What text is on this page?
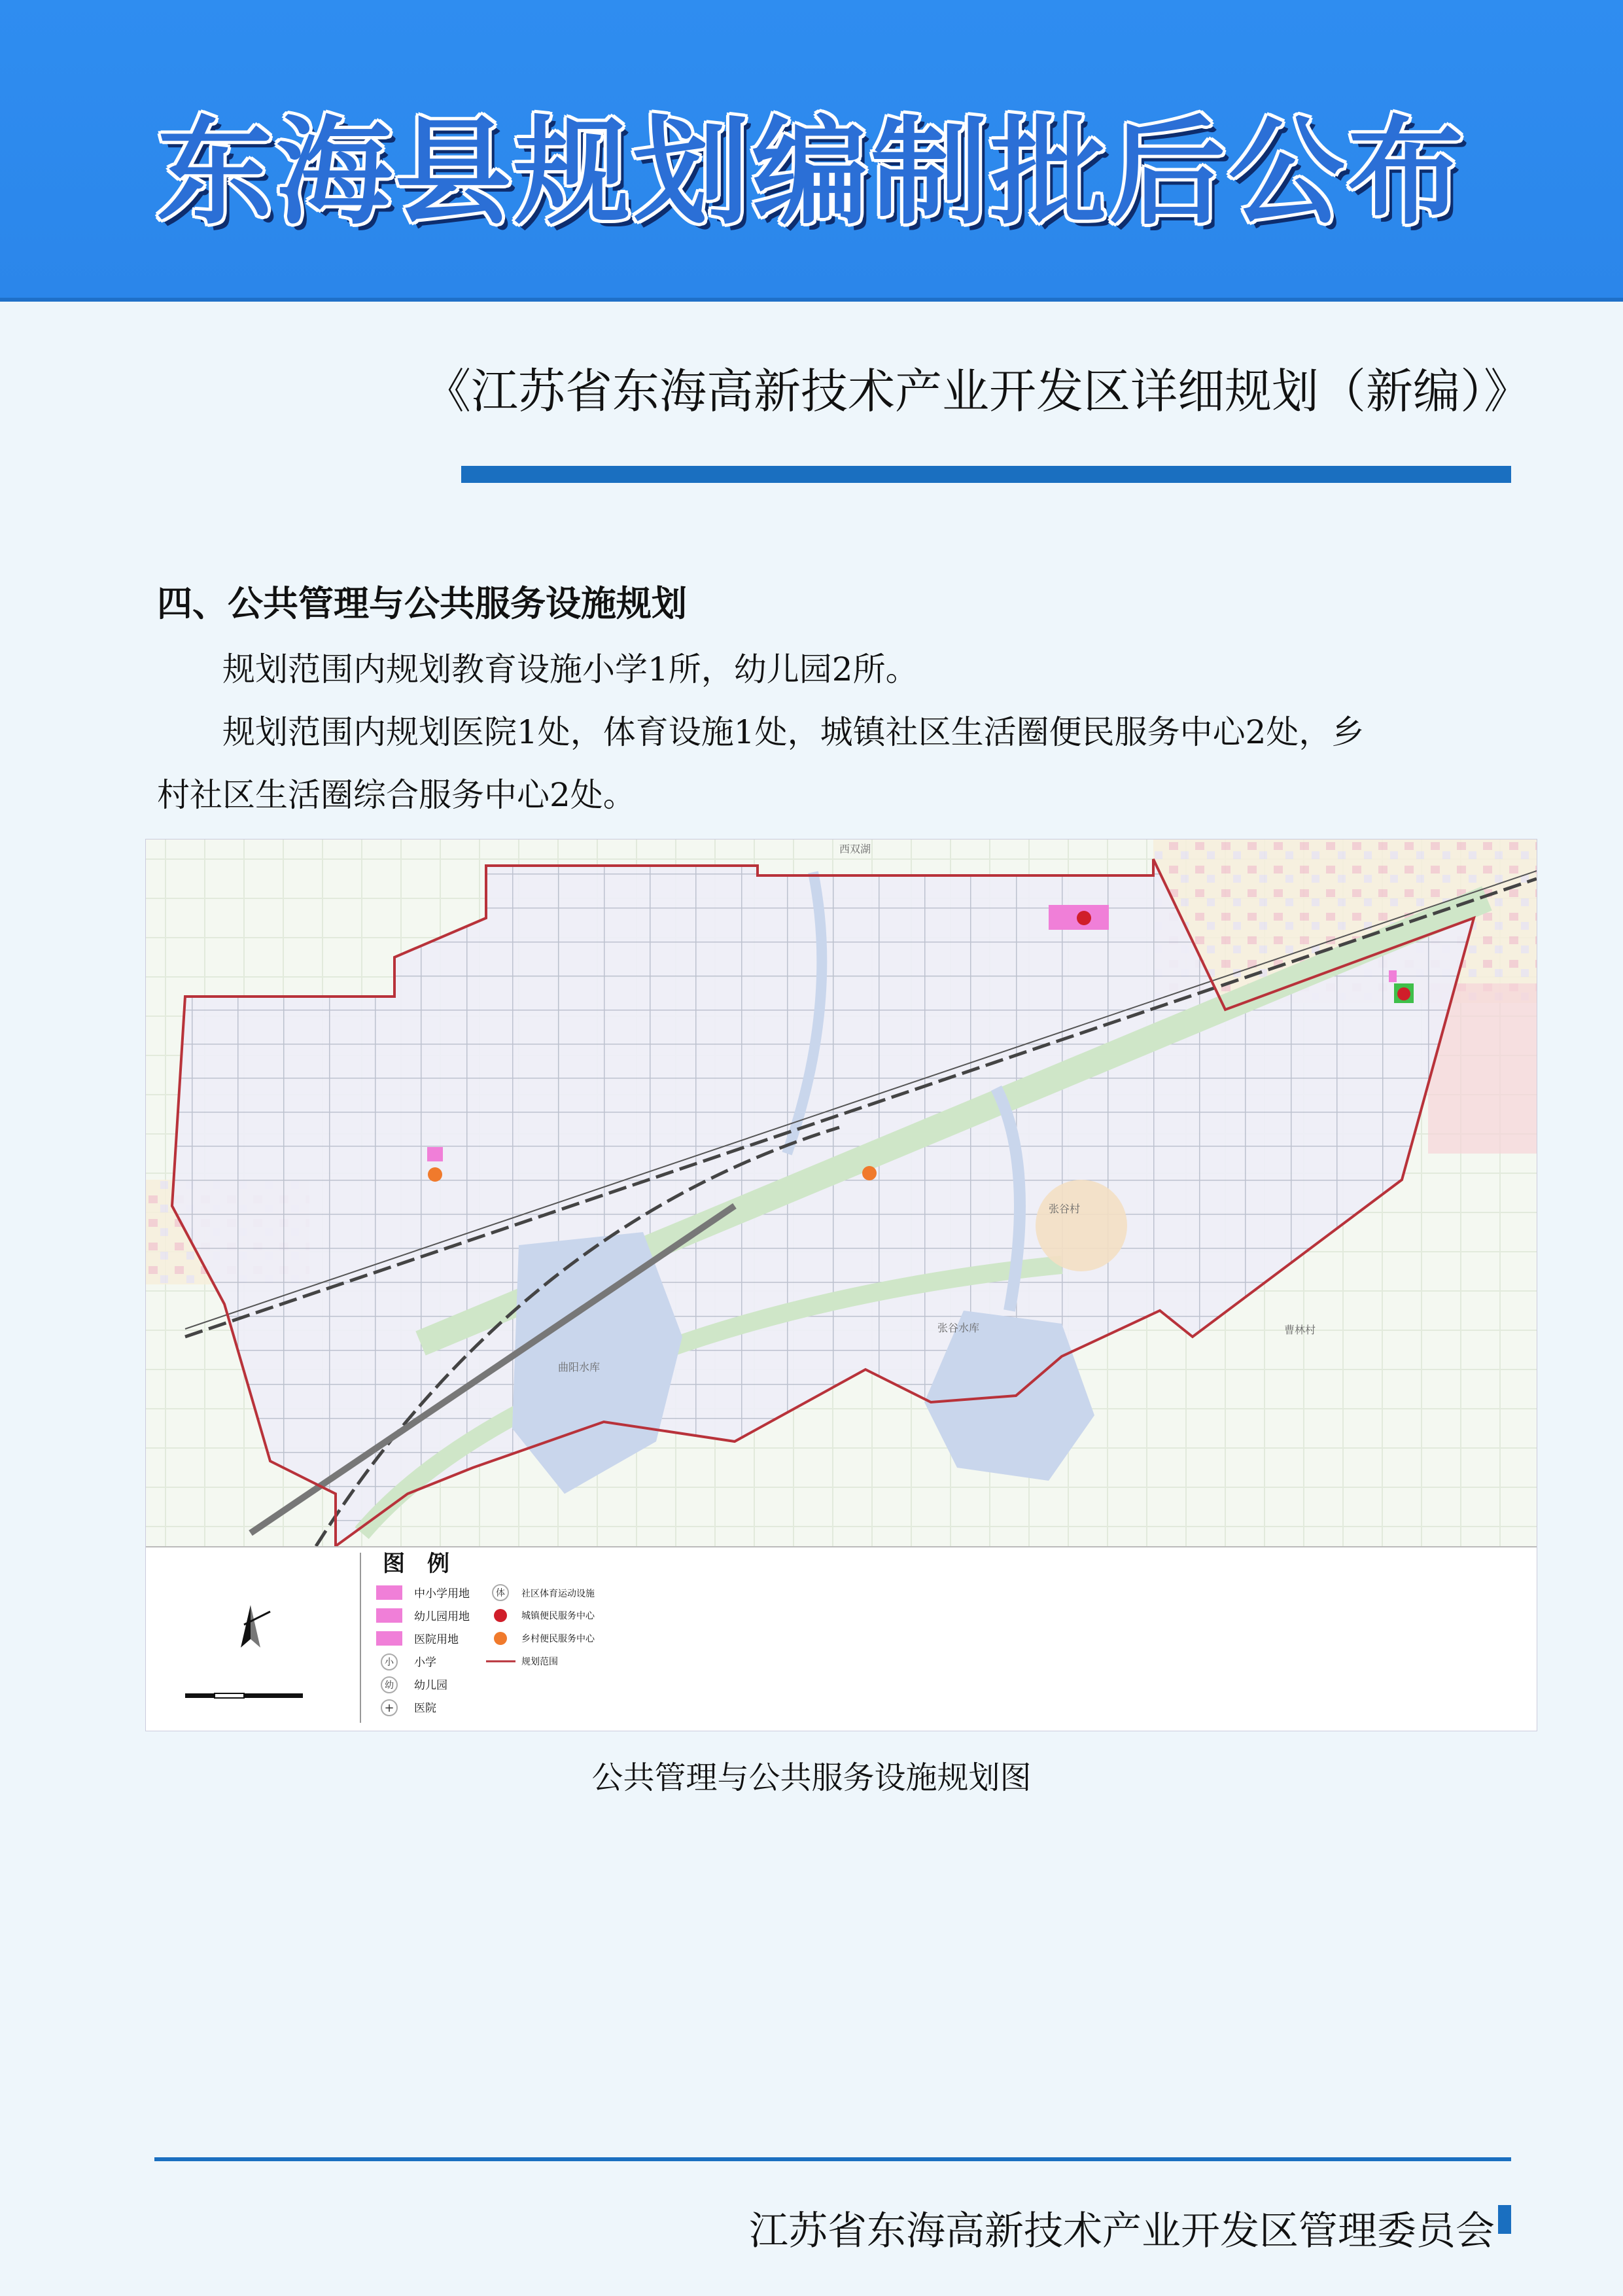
东海县规划编制批后公布
《江苏省东海高新技术产业开发区详细规划（新编）》
四、公共管理与公共服务设施规划
规划范围内规划教育设施小学1所，幼儿园2所。
规划范围内规划医院1处，体育设施1处，城镇社区生活圈便民服务中心2处，乡
村社区生活圈综合服务中心2处。
西双湖
张谷村
张谷水库
曲阳水库
曹林村
图　例
中小学用地
幼儿园用地
医院用地
小 小学
幼 幼儿园
+ 医院
体 社区体育运动设施
城镇便民服务中心
乡村便民服务中心
规划范围
公共管理与公共服务设施规划图
江苏省东海高新技术产业开发区管理委员会
